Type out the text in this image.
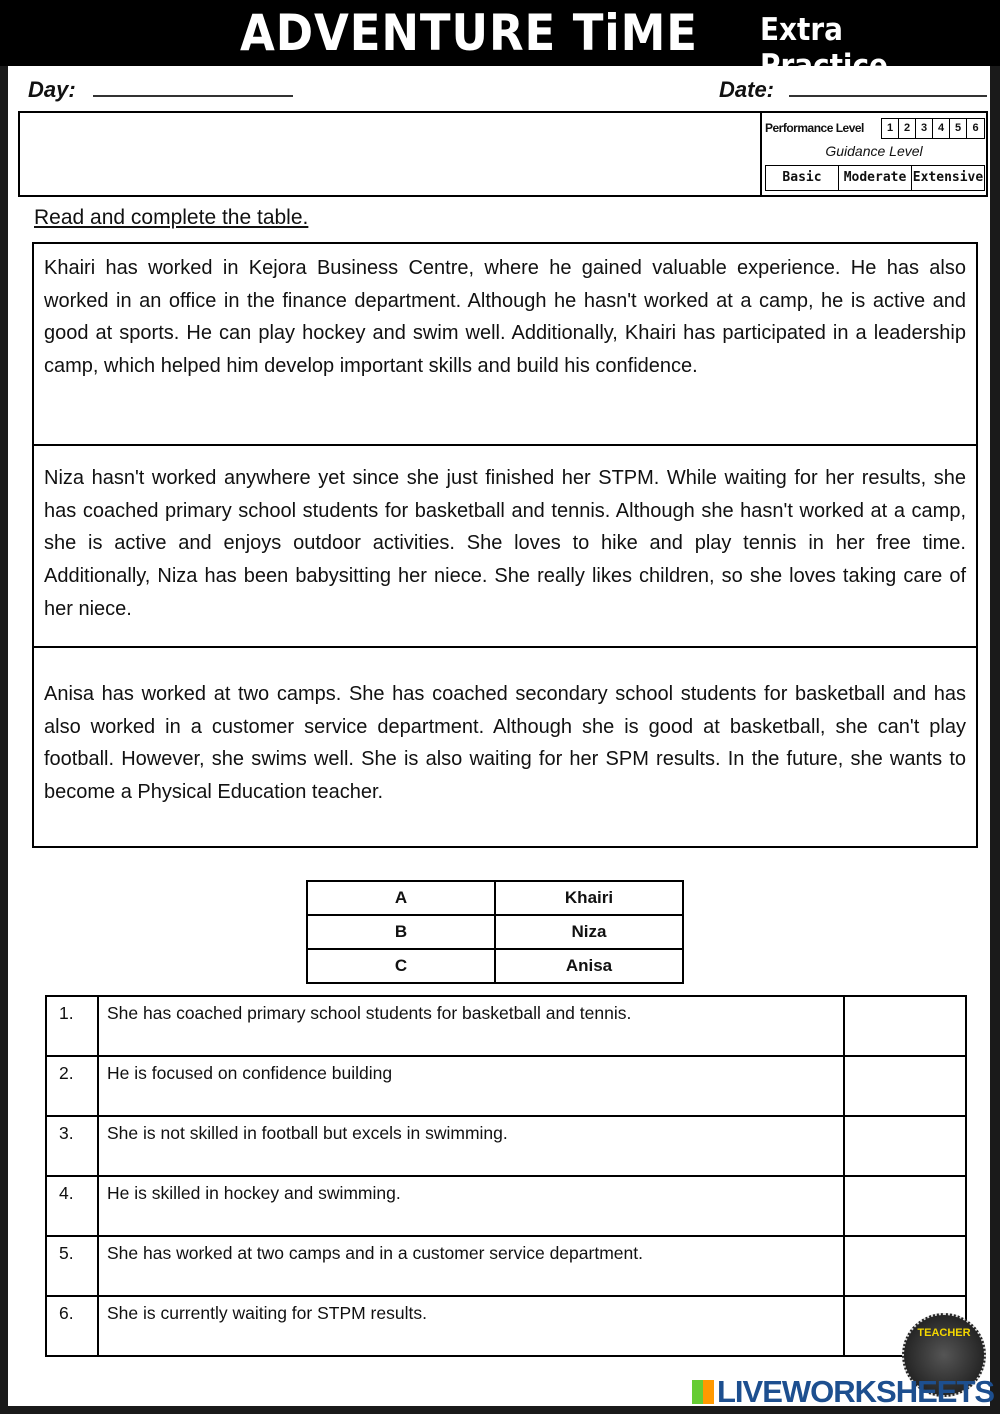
ADVENTURE TiME Extra
Day:	Date:
Performance Level	1 2 3 4 5	6
Guidance Level
Basic	Moderate Extensive
Read and complete the table.
Khairi has worked in Kejora Business Centre, where he gained valuable experience. He has also worked in an office in the finance department. Although he hasn't worked at a camp, he is active and good at sports. He can play hockey and swim well. Additionally, Khairi has participated in a leadership camp, which helped him develop important skills and build his confidence.
Niza hasn't worked anywhere yet since she just finished her STPM. While waiting for her results, she has coached primary school students for basketball and tennis. Although she hasn't worked at a camp, she is active and enjoys outdoor activities. She loves to hike and play tennis in her free time. Additionally, Niza has been babysitting her niece. She really likes children, so she loves taking care of her niece.
Anisa has worked at two camps. She has coached secondary school students for basketball and has also worked in a customer service department. Although she is good at basketball, she can't play football. However, she swims well. She is also waiting for her SPM results. In the future, she wants to become a Physical Education teacher.
A	Khairi
B	Niza
C	Anisa
1.	She has coached primary school students for basketball and tennis.	
2.	He is focused on confidence building	
3.	She is not skilled in football but excels in swimming.	
4.	He is skilled in hockey and swimming.	
5.	She has worked at two camps and in a customer service department.	
6.	She is currently waiting for STPM results.	
TEACHER
LIVEWORKSHEETS
